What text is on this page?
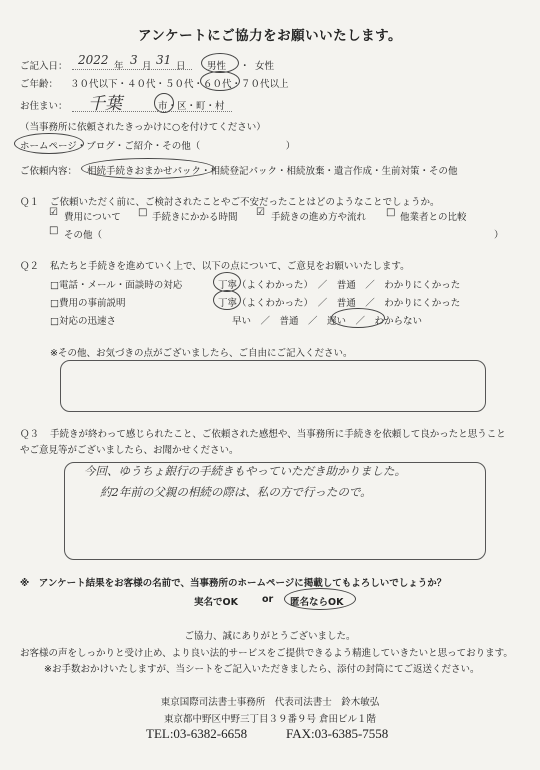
アンケートにご協力をお願いいたします。
ご記入日： 2022 年 3 月 31 日 男性 ・ 女性
ご年齢： ３０代以下・４０代・５０代・６０代・７０代以上
お住まい： 千葉	市・区・町・村
（当事務所に依頼されたきっかけに○を付けてください）
ホームページ・ブログ・ご紹介・その他（　　　　　　　　　）
ご依頼内容： 相続手続きおまかせパック・相続登記パック・相続放棄・遺言作成・生前対策・その他
Ｑ１ ご依頼いただく前に、ご検討されたことやご不安だったことはどのようなことでしょうか。
☑ 費用について □ 手続きにかかる時間 ☑ 手続きの進め方や流れ □ 他業者との比較
□ その他（	）
Ｑ２ 私たちと手続きを進めていく上で、以下の点について、ご意見をお願いいたします。
□電話・メール・面談時の対応	丁寧（よくわかった）　／　普通　／　わかりにくかった
□費用の事前説明	丁寧（よくわかった）　／　普通　／　わかりにくかった
□対応の迅速さ	早い　／　普通　／　遅い　／　わからない
※その他、お気づきの点がございましたら、ご自由にご記入ください。
Ｑ３ 手続きが終わって感じられたこと、ご依頼された感想や、当事務所に手続きを依頼して良かったと思うこと
やご意見等がございましたら、お聞かせください。
今回、ゆうちょ銀行の手続きもやっていただき助かりました。
約2年前の父親の相続の際は、私の方で行ったので。
※　アンケート結果をお客様の名前で、当事務所のホームページに掲載してもよろしいでしょうか？
実名でOK	or 匿名ならOK
ご協力、誠にありがとうございました。
お客様の声をしっかりと受け止め、より良い法的サービスをご提供できるよう精進していきたいと思っております。
※お手数おかけいたしますが、当シートをご記入いただきましたら、添付の封筒にてご返送ください。
東京国際司法書士事務所　代表司法書士　鈴木敏弘
東京都中野区中野三丁目３９番９号 倉田ビル１階
TEL:03-6382-6658	FAX:03-6385-7558
